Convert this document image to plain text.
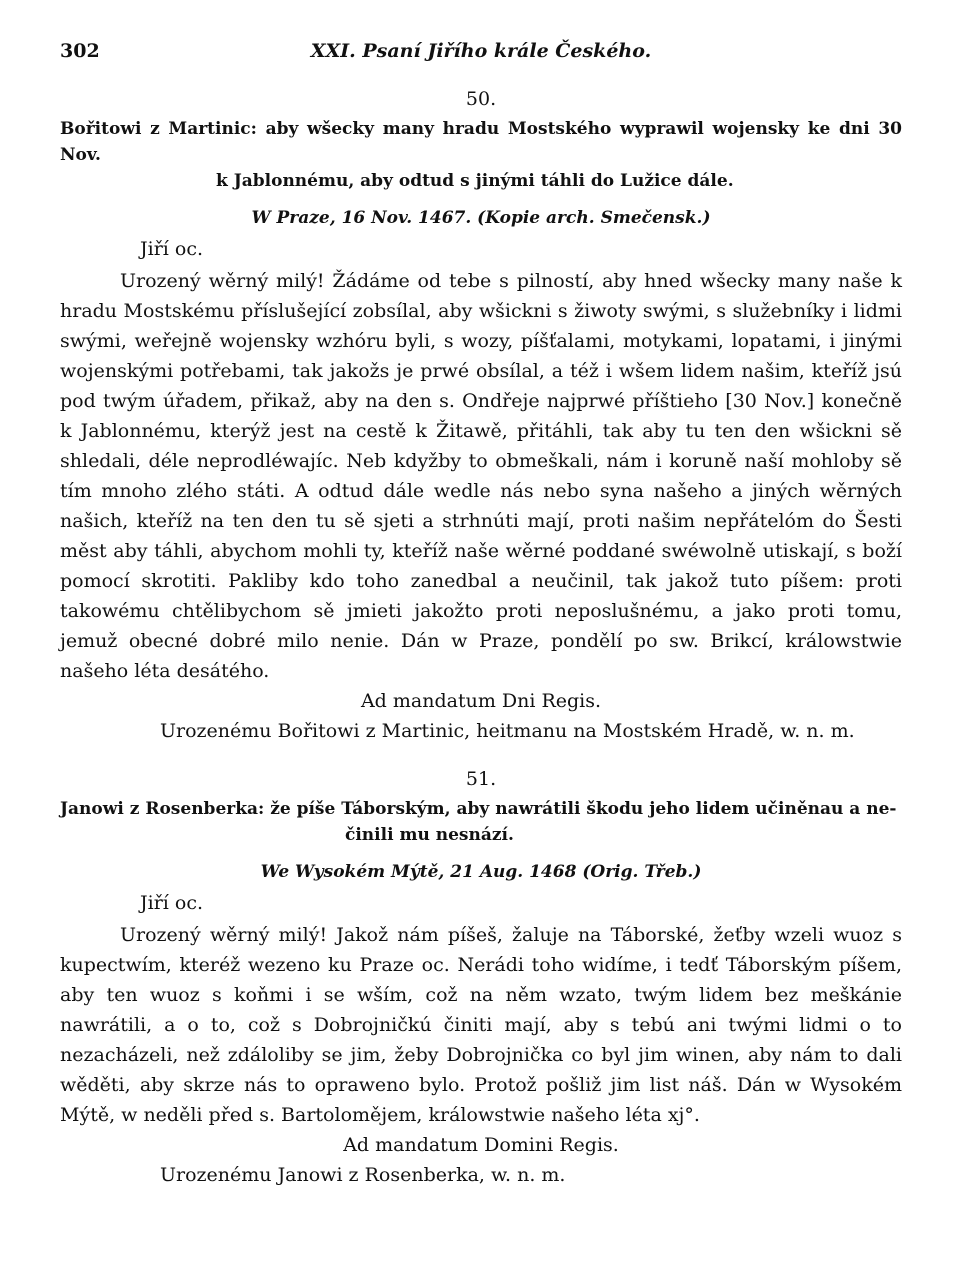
302	XXI. Psaní Jiřího krále Českého.
50.

Bořitowi z Martinic: aby wšecky many hradu Mostského wyprawil wojensky ke dni 30 Nov.
k Jablonnému, aby odtud s jinými táhli do Lužice dále.

W Praze, 16 Nov. 1467. (Kopie arch. Smečensk.)
Jiří oc.

Urozený wěrný milý! Žádáme od tebe s pilností, aby hned wšecky many naše k hradu Mostskému příslušející zobsílal, aby wšickni s žiwoty swými, s služebníky i lidmi swými, weřejně wojensky wzhóru byli, s wozy, píšťalami, motykami, lopatami, i jinými wojenskými potřebami, tak jakožs je prwé obsílal, a též i wšem lidem našim, kteříž jsú pod twým úřadem, přikaž, aby na den s. Ondřeje najprwé příštieho [30 Nov.] konečně k Jablonnému, kterýž jest na cestě k Žitawě, přitáhli, tak aby tu ten den wšickni sě shledali, déle neprodléwajíc. Neb kdyžby to obmeškali, nám i koruně naší mohloby sě tím mnoho zlého státi. A odtud dále wedle nás nebo syna našeho a jiných wěrných našich, kteříž na ten den tu sě sjeti a strhnúti mají, proti našim nepřátelóm do Šesti měst aby táhli, abychom mohli ty, kteříž naše wěrné poddané swéwolně utiskají, s boží pomocí skrotiti. Pakliby kdo toho zanedbal a neučinil, tak jakož tuto píšem: proti takowému chtělibychom sě jmieti jakožto proti neposlušnému, a jako proti tomu, jemuž obecné dobré milo nenie. Dán w Praze, pondělí po sw. Brikcí, králowstwie našeho léta desátého.

Ad mandatum Dni Regis.

Urozenému Bořitowi z Martinic, heitmanu na Mostském Hradě, w. n. m.

51.

Janowi z Rosenberka: že píše Táborským, aby nawrátili škodu jeho lidem učiněnau a ne-
činili mu nesnází.

We Wysokém Mýtě, 21 Aug. 1468 (Orig. Třeb.)
Jiří oc.

Urozený wěrný milý! Jakož nám píšeš, žaluje na Táborské, žeťby wzeli wuoz s kupectwím, kteréž wezeno ku Praze oc. Nerádi toho widíme, i tedť Táborským píšem, aby ten wuoz s koňmi i se wším, což na něm wzato, twým lidem bez meškánie nawrátili, a o to, což s Dobrojničkú činiti mají, aby s tebú ani twými lidmi o to nezacházeli, než zdáloliby se jim, žeby Dobrojnička co byl jim winen, aby nám to dali wěděti, aby skrze nás to opraweno bylo. Protož pošliž jim list náš. Dán w Wysokém Mýtě, w neděli před s. Bartolomějem, králowstwie našeho léta xj°.

Ad mandatum Domini Regis.

Urozenému Janowi z Rosenberka, w. n. m.
